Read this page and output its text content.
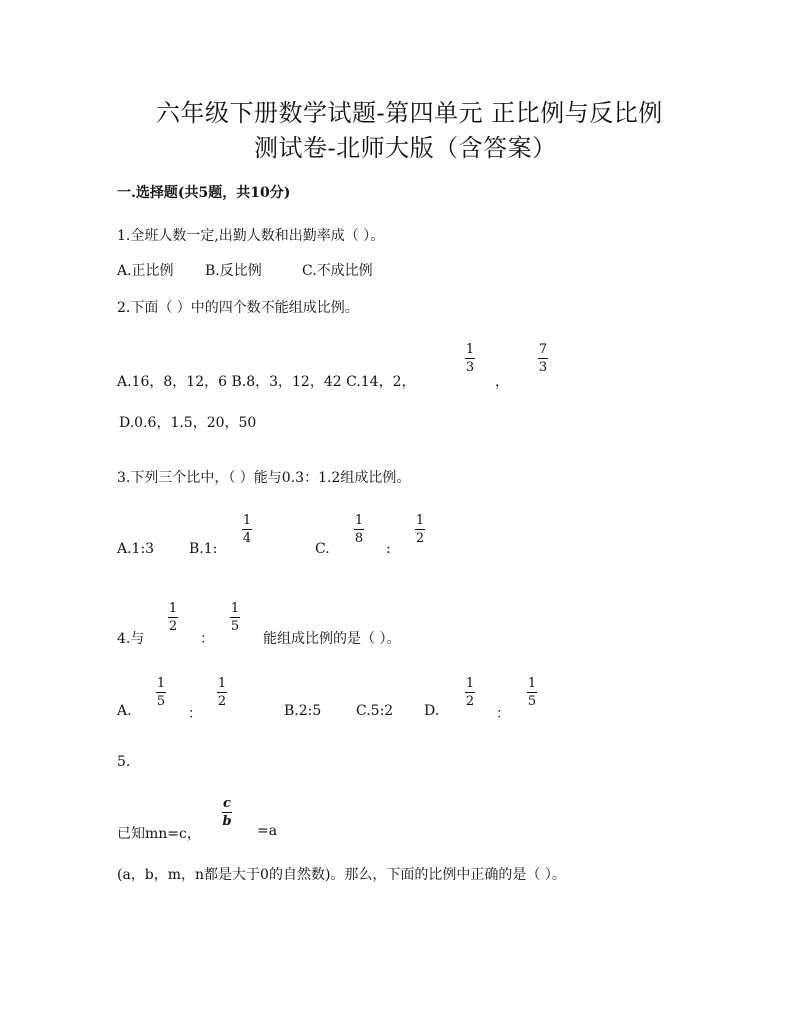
六年级下册数学试题-第四单元 正比例与反比例
测试卷-北师大版（含答案）
一.选择题(共5题，共10分)
1.全班人数一定,出勤人数和出勤率成（ ）。
A.正比例 B.反比例	C.不成比例
2.下面（ ）中的四个数不能组成比例。
1
3
7
3
A.16，8，12，6 B.8，3，12，42 C.14，2，	，
D.0.6，1.5，20，50
3.下列三个比中，（ ）能与0.3：1.2组成比例。
1
4
1
8
1
2
A.1:3 B.1:	C.	:
1
2
1
5
4.与	：	能组成比例的是（ ）。
1
5
1
2
1
2
1
5
A.	：	B.2:5 C.5:2 D.	：
5.
c
b
已知mn=c，	=a
(a，b，m，n都是大于0的自然数)。那么，下面的比例中正确的是（ ）。
